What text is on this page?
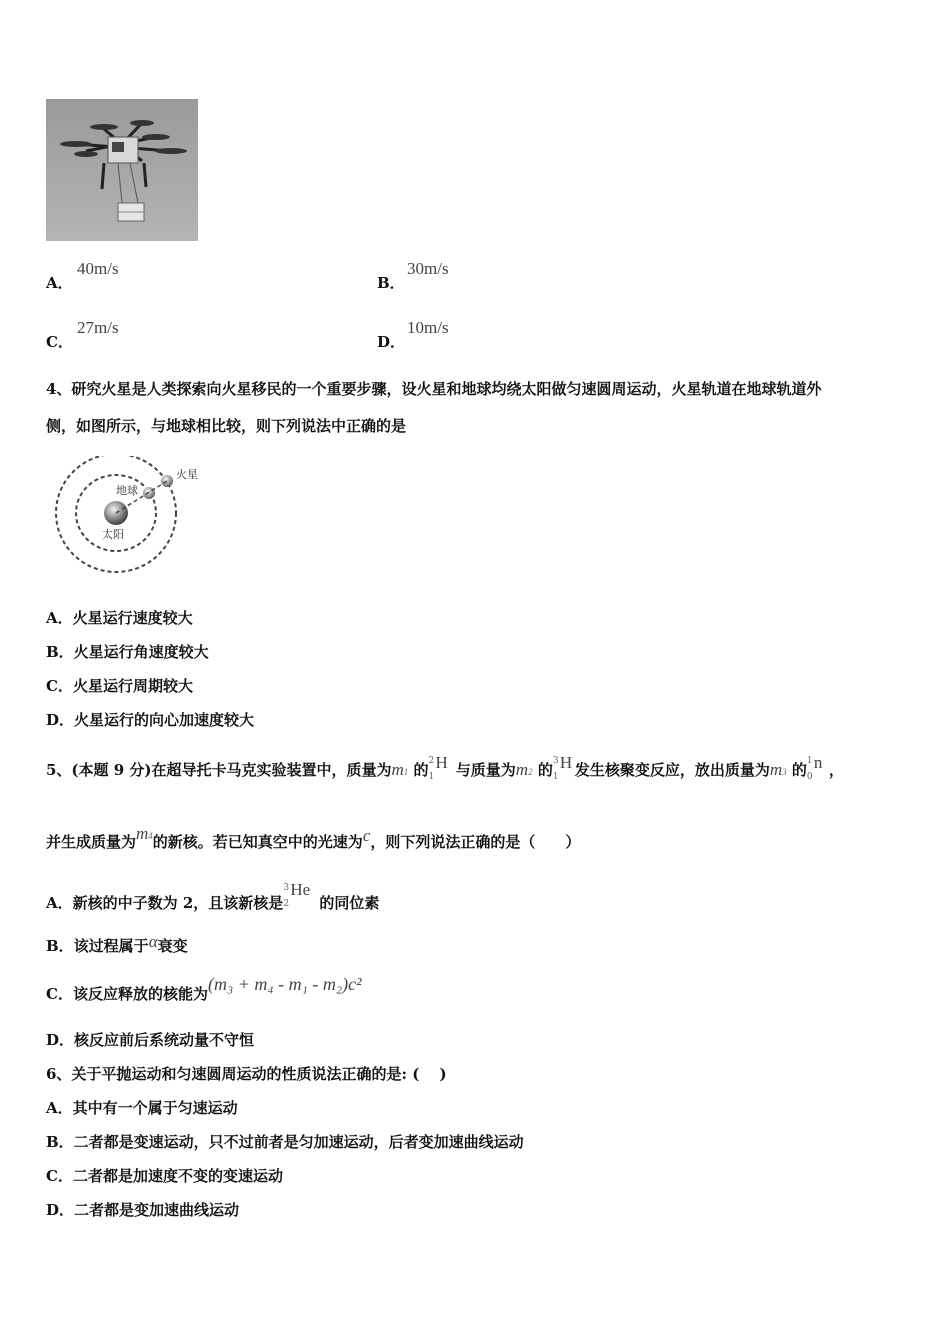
A．
40m/s
B．
30m/s
C．
27m/s
D．
10m/s
4、研究火星是人类探索向火星移民的一个重要步骤，设火星和地球均绕太阳做匀速圆周运动，火星轨道在地球轨道外
侧，如图所示，与地球相比较，则下列说法中正确的是
火星
地球
太阳
A．火星运行速度较大
B．火星运行角速度较大
C．火星运行周期较大
D．火星运行的向心加速度较大
5、(本题 9 分)在超导托卡马克实验装置中，质量为m1 的 2
1
H 与质量为m2 的 3
1
H 发生核聚变反应，放出质量为m3 的 1
0
n ，
并生成质量为m4的新核。若已知真空中的光速为c，则下列说法正确的是（　　）
A．新核的中子数为 2，且该新核是
3
2
He
的同位素
B．该过程属于α衰变
C．该反应释放的核能为(m₃ + m₄ - m₁ - m₂)c²
D．核反应前后系统动量不守恒
6、关于平抛运动和匀速圆周运动的性质说法正确的是: (　 )
A．其中有一个属于匀速运动
B．二者都是变速运动，只不过前者是匀加速运动，后者变加速曲线运动
C．二者都是加速度不变的变速运动
D．二者都是变加速曲线运动
